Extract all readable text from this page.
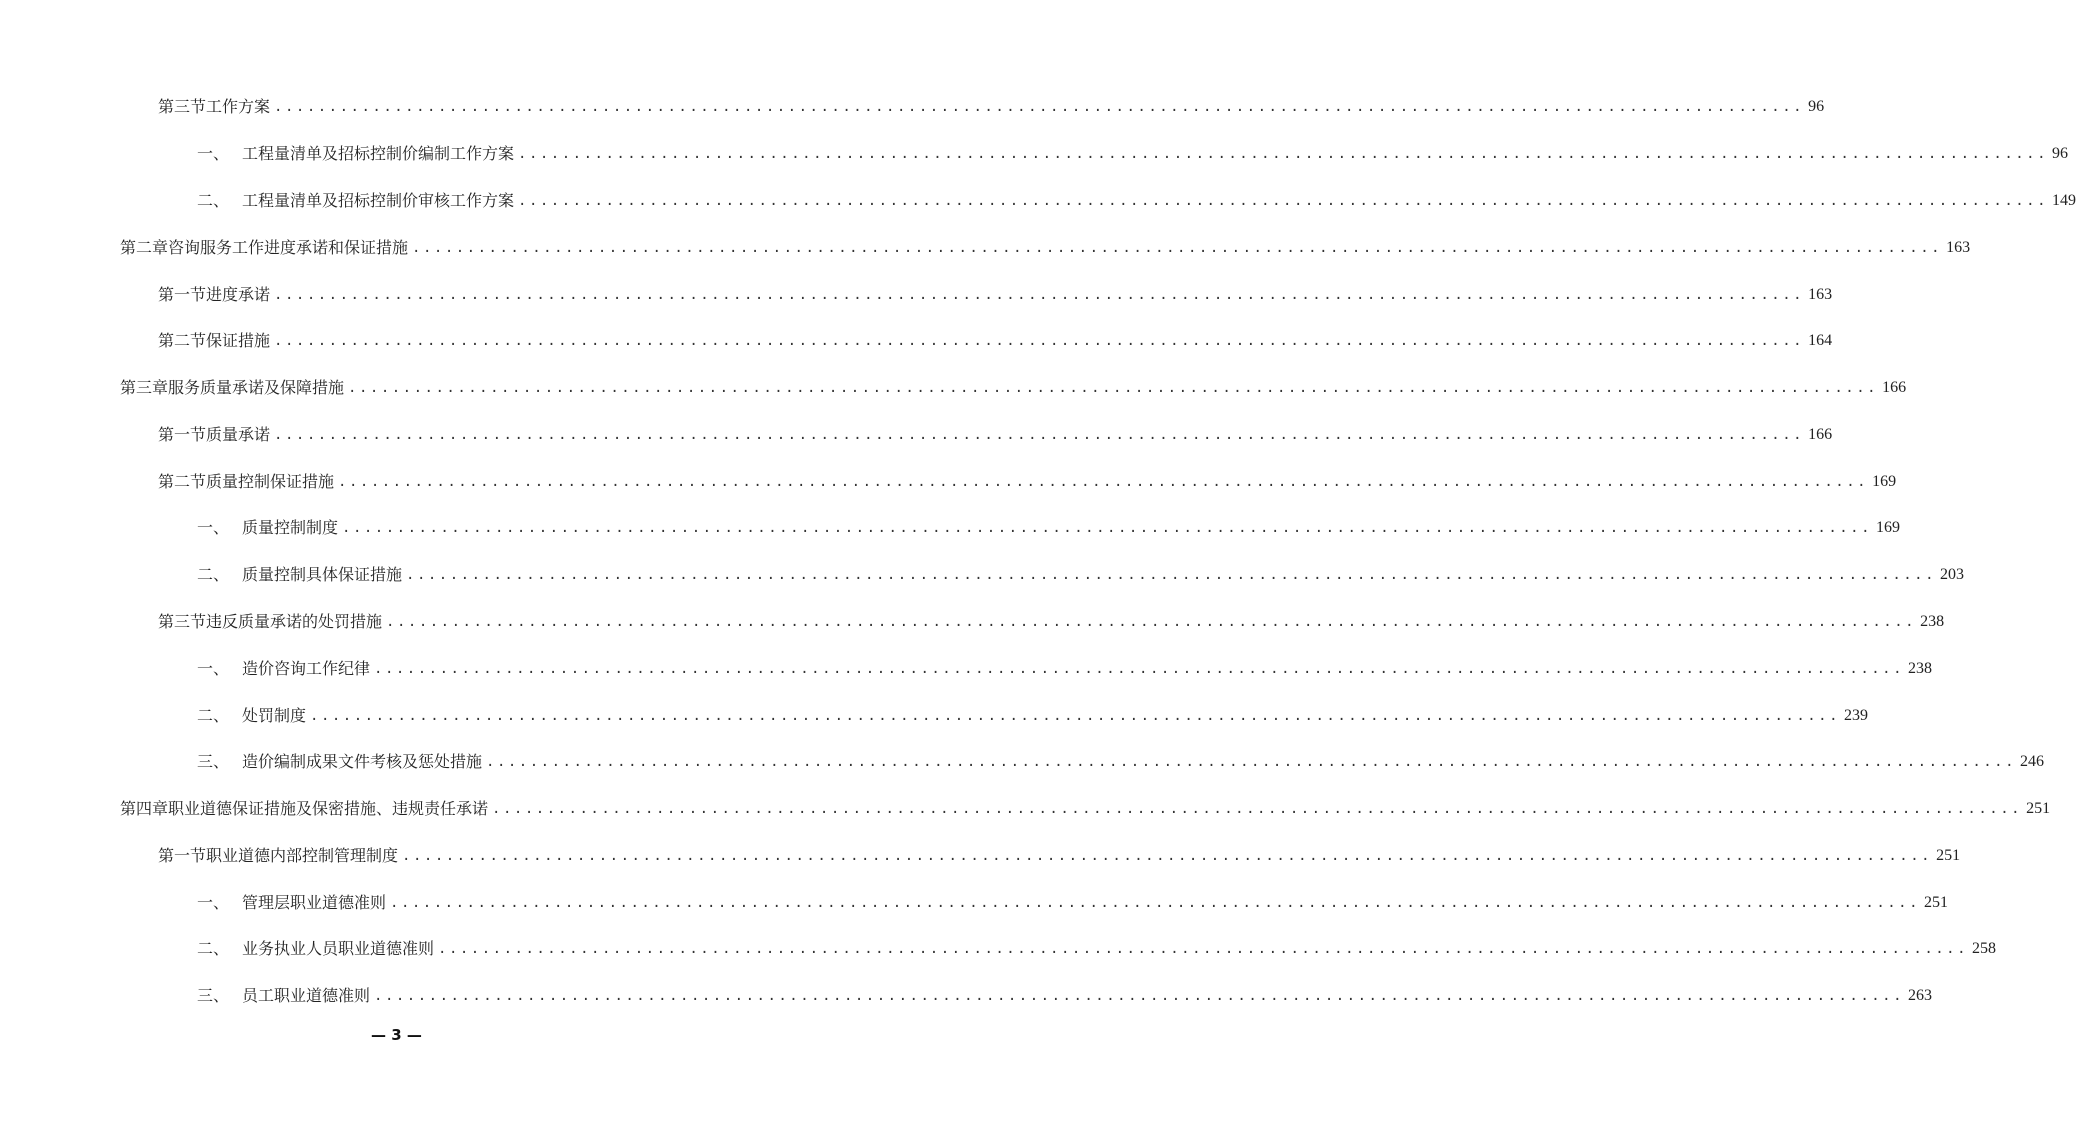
第三节 工作方案 ............................................................................................................................................ 96
一、 工程量清单及招标控制价编制工作方案 ............................................................................................................................................ 96
二、 工程量清单及招标控制价审核工作方案 ............................................................................................................................................ 149
第二章 咨询服务工作进度承诺和保证措施 ............................................................................................................................................ 163
第一节 进度承诺 ............................................................................................................................................ 163
第二节 保证措施 ............................................................................................................................................ 164
第三章 服务质量承诺及保障措施 ............................................................................................................................................ 166
第一节 质量承诺 ............................................................................................................................................ 166
第二节 质量控制保证措施 ............................................................................................................................................ 169
一、 质量控制制度 ............................................................................................................................................ 169
二、 质量控制具体保证措施 ............................................................................................................................................ 203
第三节 违反质量承诺的处罚措施 ............................................................................................................................................ 238
一、 造价咨询工作纪律 ............................................................................................................................................ 238
二、 处罚制度 ............................................................................................................................................ 239
三、 造价编制成果文件考核及惩处措施 ............................................................................................................................................ 246
第四章 职业道德保证措施及保密措施、违规责任承诺 ............................................................................................................................................ 251
第一节 职业道德内部控制管理制度 ............................................................................................................................................ 251
一、 管理层职业道德准则 ............................................................................................................................................ 251
二、 业务执业人员职业道德准则 ............................................................................................................................................ 258
三、 员工职业道德准则 ............................................................................................................................................ 263
— 3 —
